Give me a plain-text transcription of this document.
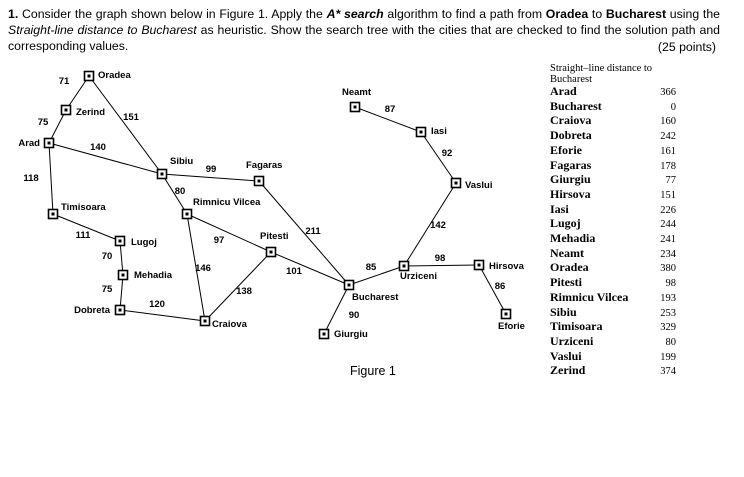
1. Consider the graph shown below in Figure 1. Apply the A* search algorithm to find a path from Oradea to Bucharest using the Straight-line distance to Bucharest as heuristic. Show the search tree with the cities that are checked to find the solution path and corresponding values.	(25 points)
71
151
75
140
118
111
70
75
120
99
80
97
146
138
211
101
90
85
98
86
142
92
87
Oradea
Zerind
Arad
Timisoara
Lugoj
Mehadia
Dobreta
Sibiu
Rimnicu Vilcea
Fagaras
Pitesti
Craiova
Bucharest
Giurgiu
Urziceni
Hirsova
Eforie
Vaslui
Iasi
Neamt
Straight–line distance to Bucharest
Arad	366
Bucharest	0
Craiova	160
Dobreta	242
Eforie	161
Fagaras	178
Giurgiu	77
Hirsova	151
Iasi	226
Lugoj	244
Mehadia	241
Neamt	234
Oradea	380
Pitesti	98
Rimnicu Vilcea	193
Sibiu	253
Timisoara	329
Urziceni	80
Vaslui	199
Zerind	374
Figure 1
